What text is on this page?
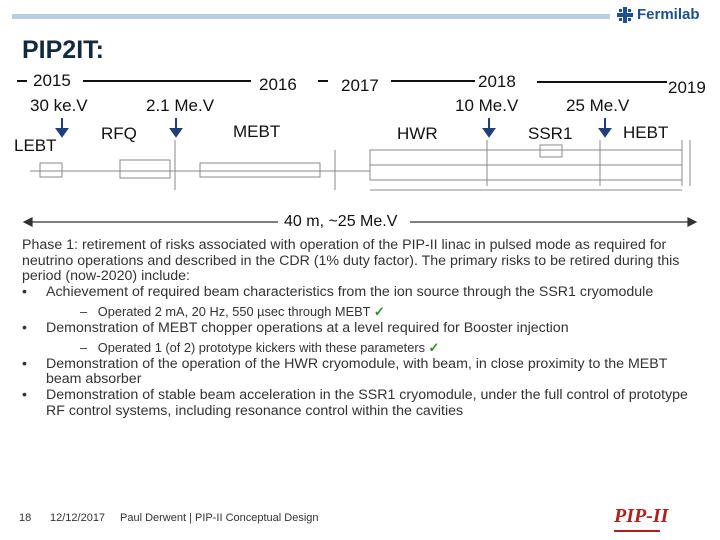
Fermilab
PIP2IT:
2015	2016	2017	2018	2019
30 ke.V	2.1 Me.V	10 Me.V	25 Me.V
LEBT
RFQ	MEBT	HWR	SSR1	HEBT
40 m, ~25 Me.V
Phase 1: retirement of risks associated with operation of the PIP-II linac in pulsed mode as required for neutrino operations and described in the CDR (1% duty factor). The primary risks to be retired during this period (now-2020) include:
•	Achievement of required beam characteristics from the ion source through the SSR1 cryomodule
– Operated 2 mA, 20 Hz, 550 µsec through MEBT ✓
•	Demonstration of MEBT chopper operations at a level required for Booster injection
– Operated 1 (of 2) prototype kickers with these parameters ✓
•	Demonstration of the operation of the HWR cryomodule, with beam, in close proximity to the MEBT beam absorber
•	Demonstration of stable beam acceleration in the SSR1 cryomodule, under the full control of prototype RF control systems, including resonance control within the cavities
18 12/12/2017 Paul Derwent | PIP-II Conceptual Design	PIP-II
